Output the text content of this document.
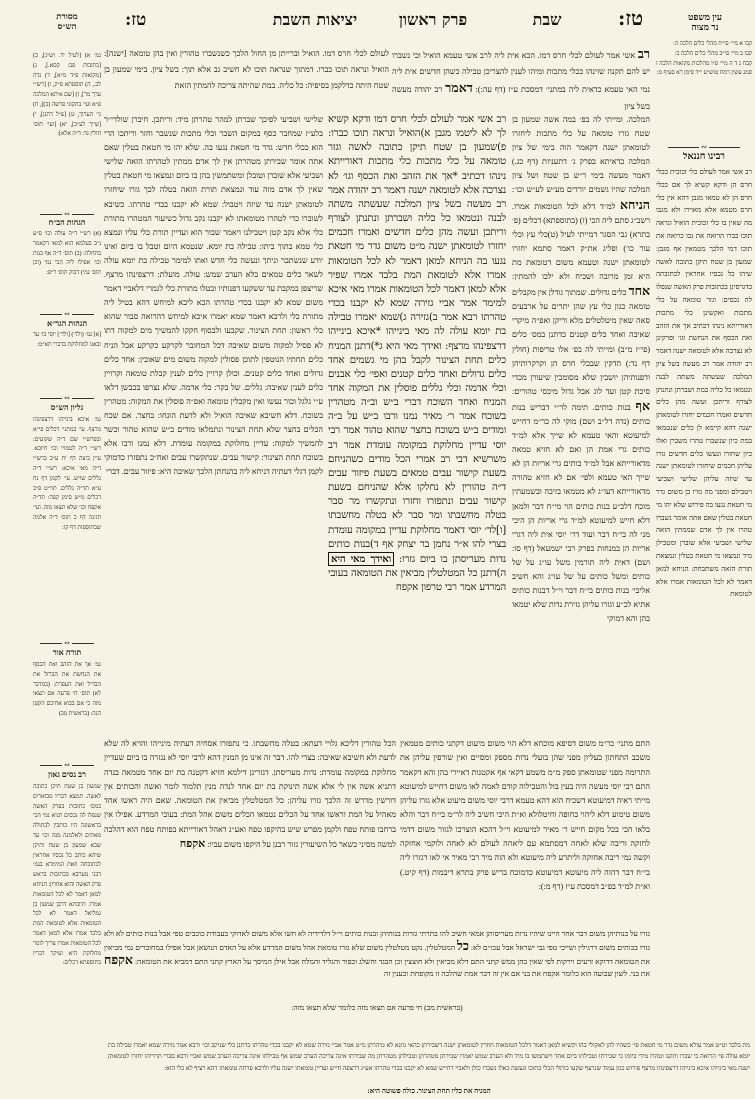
טז:	יציאות השבת	פרק ראשון	שבת	טז:	עין משפט
נר מצוה
קבו א מיי׳ פי״ח מהל׳ כלים הלכה ה:
קבז ב מיי׳ פי״ב מהל׳ כלים הלכה ב:
קבח ג ד ה מיי׳ פ״ו מהלכות מקואות הלכה ו סמג עשין רמח טוש״ע י״ד סימן רא סעיף מ:
∾
רבינו חננאל
רב אשי אמר לעולם כלי זכוכית ככלי חרס הן ודקא קשיא לך אם ככלי חרס הן לא טמאו מגבן דהא אין כלי חרס מטמא אלא מאוירו ולא מגבו מה שאין בו כלי זכוכית הואיל ונראה תוכו כברו הרואה את גבו כרואה את תוכו דמי הלכך מטמאין אף מגבן: שמעון בן שטח תיקן כתובה לאשה שיהו כל נכסיו אחראין לכתובתה כדגרסינן בכתובות פרק האשה שנפלו לה נכסים: וגזר טומאה על כלי מתכות ואקשינן כלי מתכות דאורייתא נינהו דכתיב אך את הזהב ואת הכסף את הנחשת וגו׳ ופרקינן לא נצרכה אלא לטומאה ישנה דאמר רב יהודה אמר רב מעשה בשל ציון המלכה שעשתה משתה לבנה ונטמאו כל כליה במת ושברתן ונתנתן לצורף וריתכן ועשה מהן כלים חדשים ואמרו חכמים יחזרו לטומאתן ישנה דהא קיימא לן כלים שנטמאו במת כיון שנשברו טהרו משברן ואלו כיון שחזרו ונעשו כלים חדשים גזרו עליהן חכמים שיחזרו לטומאתן ישנה עד שיזה עליהן שלישי ושביעי ויטבילם ומפני מה גזרו כן משום גדר מי חטאת נגעו בה פירוש שלא יהו מי חטאת בטלין שאם אתה אומר נשברו טהרו אין לך אדם שממתין הזאה שלישי ושביעי אלא שוברן ומטבילן מיד ונמצאו מי חטאת בטלין ונמצאת תורת הזאה משתכחת: הניחא למאן דאמר לא לכל הטומאות אמרו אלא לטומאת
מסורת
הש״ס
גמ׳ א) [לעיל יד. וש״נ], ב) [כתובות פב: קסא.], ג) [מקואות פ״ד מ״א], ד) נדה לב., ה) תוספתא פ״ק, ו) [רש״י ערך מר], ז) [שם איתא המלכה פ״א ועי׳ בתקוני פרשה (ב)], ח) גי׳ הערוך, ט) [צ״ל דתנן], י) [שייך לע״ב], יא) [ועי׳ תוס׳ חולין נד: ד״ה אלא]:
∾
הגהות הב״ח
(א) רש״י ד״ה עולה וכו׳ פ״ע נ״ב בעלמא הוא למאי דקאמר בתחלה: (ב) תוס׳ ד״ה אף בנות וכו׳ אפילו ליה הכי נמי (וכן תוס׳ נמי) דבוק תוס׳ ר״פ:
∾
הגהות הגר״א
[א] גמ׳ (ולד׳) [ולר׳] יוסי כו׳ עד ובאנו למחלוקת בדברי תא״מ:
∾
גליון הש״ס
גמ׳ איכא בינייהו דרצפינהו מרצף. עי׳ במתני׳ דכלים פי״א ובפרש״י שם ד״ה שקועים: רש״י ד״ה לטמויי וכו׳ חיובא. עיין ביצה דף יח ע״ב ברש״י ד״ה מאי איכא: רש״י ד״ה גללים שויש. עי׳ לקמן דף נח ע״א תד״ה גללים. תוי״ט פ״ב דכלים מ״ש סימן קפה: תד״ה אקפח וכו׳ שלא תצאו מזה. ועי׳ חגיגה דף כ תוס׳ ד״ה אלמה שבתוספות דף קו:
∾
תורה אור
גמ׳ אך את הזהב ואת הכסף את הנחשת את הברזל את הבדיל ואת העפרת: (במדבר לא) תוס׳ חי פרעה אם תצאו מזה כי אם בבוא אחיכם הקטן הנה: (בראשית מב)
∾
רב נסים גאון
שמעון בן שטח תיקן כתובה לאשה. תמצא דבריו מבוארים במס׳ כתובות בפרק האשה שנפלו לה נכסים תניא נמי הכי בראשונה היו כותבין לבתולה מאתים ולאלמנה מנה וכו׳ עד שבא שמעון בן שטח ותיקן שיהא כותב כל נכסיו אחראין לכתובתה וזאת המימרא בגמ׳ דבני מערבא בכתובות בראש פרק האשה והוא אחרון: הניחא למאן דאמר לא לכל הטומאות אמרו. תיובתא דרבן שמעון בן גמליאל דאמר לא לכל הטומאות אלא לטומאת המת בלבד אמרו אלא למאן דאמר לכל הטומאות אמרו צריך לומר מחלוקת היא ועיקר דבריו בתוספתא דכלים:
לעולם לכלי חרס דמו. הואיל וברייתן מן החול הלכך כשנשברו טהורין ואין בהן טומאה [ישנה]: הואיל ונראה תוכו כברו. דמתוך שנראה תוכו לא חשיב גב אלא תוך: בשל ציון. בימי שמעון בן שטח היתה כדלקמן בסיפיה: כל כליה. במת שהיתה צריכה להמתין הזאת
שלישי ושביעי לפיכך שברתן למהר טהרתן מיד: וריתכן. חיברן שולדי״ר בלע״ז שמחבר כסף במקום השבר וכלי מתכות שנשבר וחזר וריתכו הרי הוא ככלי חדש: גדר מי חטאת נגעו בה. שלא יהו מי חטאת בטלין שאם אתה אומר שבירתן מטהרתן אין לך אדם ממתין לטהרתו הזאה שלישי ושביעי אלא שוברן וטובלן ומשתמשין בהן בו ביום ונמצאו מי חטאת בטלין שאין לך אדם מזה עוד ונמצאת תורת הזאה בטלה לכך גזרו שיחזרו לטומאתן ישנה עד שיזה ויטבול: שמא לא יקבנו בכדי טהרתו. כשיבא לשוברו כדי לטהרו מטומאתו לא יקבנו נקב גדול כשיעור המטהרו מתורת כלי אלא נקב קטן ויטבילנו ויאמר שבור הוא ועדיין תורת כלי עליו ונמצא כלי טמא בתוך ביתו: טבילה בת יומא. שנטמא היום וטבל בו ביום ואינו יודע שנשתבר וניתך ונעשה כלי חדש ואתו למימר טבילה בת יומא עולה לשאר כלים טמאים בלא הערב שמש: עולה. מועלת: דרצפינהו מרצף. שריצפן במקבת עד ששקעו דפנותיו ובטלו מתורת כלי לגמרי דלאביי דאמר משום שמא לא יקבנו בכדי טהרתו הכא ליכא למיחש דהא בטיל ליה מתורת כלי ולרבא דאמר שמא יאמרו איכא למיחש דהרואה סבור שהוא כלי ראשון: תחת הצינור. שקבעו ולבסוף חקקו להמשיך מים למקוה דתו לא פסיל למקוה משום שאיבה דכל המחובר לקרקע כקרקע אבל הניח כלים תחתיו הנוטפין לתוכן פסולין למקוה משום מים שאובין: אחד כלים גדולים ואחד כלים קטנים. וכולן קרויין כלים לענין קבלת טומאה וקרויין כלים לענין שאיבה: גללים. של בקר: כלי אדמה. שלא נצרפו בכבשן דלאו ע״י גלגל וכור נעשו ואין מקבלין טומאה ואפ״ה פוסלין את המקוה: מטהרין בשוכח. דלא חשיבא שאיבה הואיל ולא לדעת הונחו: בחצר. אם שכח הכלים בחצר שלא תחת הצינור ונתמלאו מודים ב״ש שהוא טהור וכשר להמשיך למקוה: עדיין מחלוקת במקומה עומדת. דלא נמנו ורבו אלא בשוכח תחת הצינור: קישור עבים. שנתקשרו עבים ואח״כ נתפזרו כדמוקי לקמן דגלי דעתיה דניחא ליה בהנחתן הלכך שאיבה היא: פיזור עבים. דברי
הכל טהורין דליכא גלויי דעתא: בטלה מחשבתו. כי נתפזרו אסחיה דעתיה מינייהו והויא לה שלא לדעת ולא חשיבא שאיבה: בצרי להו. דבר זה אינו מן המנין דהא לרבי יוסי לא נגזרה בו ביום שעדיין מחלוקת במקומה עומדת: נדות מעריסתן. דגזרינן דילמא חזיא דקטנה בת יום אחד מטמאה בנדה דתניא אשה אין לי אלא אשה תינוקת בת יום אחד לנדה מנין תלמוד לומר ואשה והכותים אין דורשין מדרש זה הלכך גזרו עליהן: כל המטלטלין מביאין את הטומאה. שאם היה ראשו אחד מאהיל על המת וראשו אחד על הכלים נטמאו הכלים משום אהל המת: בעובי המרדע. אפילו אין ברחבו פותח טפח ולקמן מפרש שיש בהיקפו טפח ואע״ג דאהל דאורייתא בפותח טפח הוא דהלכה למשה מסיני כשאר כל השיעורין גזור רבנן על היקפו משום עביו: אקפח
רב אשי אמר לעולם לכלי חרס דמו ודקא קשיא לך לא ליטמו מגבן א)הואיל ונראה תוכו כברו: פ)שמעון בן שטח תיקן כתובה לאשה וגזר טומאה על כלי מתכות כלי מתכות דאורייתא נינהו דכתיב *אך את הזהב ואת הכסף וגו׳ לא נצרכה אלא לטומאה ישנה דאמר רב יהודה אמר רב מעשה בשל ציון המלכה שעשתה משתה לבנה ונטמאו כל כליה ושברתן ונתנתן לצורף וריתכן ועשה מהן כלים חדשים ואמרו חכמים יחזרו לטומאתן ישנה מ״ט משום גדר מי חטאת נגעו בה הניחא למאן דאמר לא לכל הטומאות אמרו אלא לטומאת המת בלבד אמרו שפיר אלא למאן דאמר לכל הטומאות אמרו מאי איכא למימר אמר אביי גזירה שמא לא יקבנו בכדי טהרתו רבא אמר ב)גזירה ג)שמא יאמרו טבילה בת יומא עולה לה מאי בינייהו *איכא בינייהו דרצפינהו מרצף: ואידך מאי היא ג*)דתנן המניח כלים תחת הצינור לקבל בהן מי גשמים אחד כלים גדולים ואחד כלים קטנים ואפי׳ כלי אבנים וכלי אדמה וכלי גללים פוסלין את המקוה אחד המניח ואחד השוכח דברי ב״ש וב״ה מטהרין בשוכח אמר ר׳ מאיר נמנו ורבו ב״ש על ב״ה ומודים ב״ש בשוכח בחצר שהוא טהור אמר רבי יוסי עדיין מחלוקת במקומה עומדת אמר רב משרשיא דבי רב אמרי הכל מודים כשהניחם בשעת קישור עבים טמאים בשעת פיזור עבים ד״ה טהורין לא נחלקו אלא שהניחם בשעת קישור עבים ונתפזרו וחזרו ונתקשרו מר סבר בטלה מחשבתו ומר סבר לא בטלה מחשבתו [ו]לד׳ יוסי דאמר מחלוקת עדיין במקומה עומדת בצרי להו א״ר נחמן בר יצחק אף ד)בנות כותים נדות מעריסתן בו ביום גזרו: ואידך מאי היא ה)דתנן כל המטלטלין מביאין את הטומאה בעובי המרדע אמר רבי טרפון אקפח
רב אשי אמר לעולם לכלי חרס דמו. הכא אית ליה לרב אשי טעמא הואיל וכי נשברו יש להם תקנה שוינהו ככלי מתכות ומיהו לענין להצריכן טבילה כשהן חדשים אית ליה נמי האי טעמא כדאית ליה במתני׳ דמסכת ע״ז (דף עה:): דאמר רב יהודה מעשה בשל ציון
המלכה. ומייתי לה בפ׳ במה אשה שמעון בן שטח גזרו טומאה על כלי מתכות ליחזרו לטומאתן ישנה דקאמר הוה בימי של ציון המלכה כדאיתא בפרק ג׳ דתעניות (דף כג.) דאמר מעשה בימי ר״ש בן שטח ושל ציון המלכה שהיו גשמים יורדים מע״ש לע״ש וכו׳: הניחא למ״ד דלא לכל הטומאות אמרו. רשב״ג סתם ליה הכי (ז) (בתוספתא) דכלים (פ׳ בתרא) גבי הסגר דמייתי לעיל (ט)כלי עץ וכלי עור כו׳) ופליג את״ק דאמר סתמא יחזרו לטומאתן ישנה וטעמא משום דטומאת מת היא זמן מרובה ושכיח ולא ילכו להמתין: אחד כלים גדולים. שמתוך גודלן אין מקבלים טומאה כגון כלי עץ שהן יתרים על ארבעים סאה שאין מיטלטלים מלא וריקן ואפ״ה מיקרי שאיבה ואחד כלים קטנים כדתנן במס׳ כלים (פי״ז מ״ב) ומייתי לה בפ׳ אלו טריפות (חולין דף נד:) הדקין שבכלי חרס הן וקרקרותיהן ודפנותיהן יושבין שלא מסומכין שיעורן מכדי סיכת קטן ועד לוג אבל גדול מיכסי טהורים: אף בנות כותים. תימה לר״י דבריש בנות כותים (נדה דל״ב ושם) מוקי לה כר״מ דחייש למיעוטא והאי טעמא לא שייך אלא למ״ד כותים גרי אמת הן ואם לא חזיא טמאה מדאורייתא אבל למ״ד כותים גרי אריות הן לא שייך האי טעמא ולפי׳ אם לא חזיא טהורה מדאורייתא דעו״ג לא מטמאו בזיבה ובשמעתין מוכח דלכ״ע בנות כותים הוי מי״ח דבר ולמאן דלא חייש למיעוטא למ״ד גרי אריות הן היכי מני לה בי״ח דבר ועוד דר׳ יוסי אית ליה דגרי אריות הן במנחות בפרק רבי ישמעאל (דף סו: ושם) דאית ליה תורמין משל עו״ג על של כותים ומשל כותים על של עו״ג והא חשיב אליבי׳ בנות כותים בי״ח דבר וי״ל דבנות כותים אתיא לכ״ע וגזרו עליהן גזירת נדות שלא יטמאו בהן והא דמוקי
התם מתני׳ כר״מ משום דסיפא מוכחא דלא הוי משום מיעוט דקתני כותים מטמאין משכב התחתון כעליון מפני שהן בועלי נדות מספק ומסיים ואין שורפין עליהן את התרומה מפני שטומאתן ספק מ״מ משמע דקאי אף אקטנות דאיירי בהן והא דקאמר התם רבי יוסי מעשה היה בעין בול והטבילוה קודם לאמה לאו משום דחייש למיעוטא מייתי ראיה דמיעוטא דשכיח הוא דהא טעמא דרבי יוסי משום מיעוט אלא גזרו עליהן משום טימוע דלא ליהוי כחופה וחיטלולא וא״ת היכי חשיב ליה לר״מ בי״ח דבר והלא בלאו הכי בכל מקום חייש ר׳ מאיר למיעוטא וי״ל דהכא הוצרכו לגזור משום דדמי לחזקה וריבה שלא לאחה דמסתמא עם ליאחה לעולם לא לאחה ולוקמי אחזקה וקשה נמי ריבה אחזקה וליתרע ליה מיעוטא ולא הוה מיד רבי מאיר אי לאו דגזרו ליה בי״ח דבר דהוה ליה מיעוטא דמיעוטא כדמוכח בריש פרק בתרא דיבמות (דף קיט.) וא״ת למ״ד בפ״ב דמסכת ע״ז (דף מ:):
גזרו על בנותיהן משום דבר אחר היינו שיהיו נדות מעריסותן אמאי חשיב להו בתרתי גזרות בנותיהן ובנות כותים וי״ל דלדידיה לא חשו אלא משום לאדוקי בעבודת כוכבים טפי אבל בנות כותים לא ולא גזרו בכותים משום דרגילין ושייכי טפי גבי ישראל אבל עכו״ם לא: כל המטלטלין. נקט מטלטלין משום שלא גזרו טומאת אהל משום המרדע אלא על האדם הנושאן אבל אפילו במחוברים נמי מביאין את הטומאה דדוקא זרעים וירקות לפי שאין בהן ממש קתני התם דלא מביאין ולא חוצצין וכן הבגד והשלג וכפור והגליד והמלח אבל אילן המיסך על הארץ קתני התם דמביא את הטומאה: אקפח את בני. לשון שבועה הוא כלומר אקפח את בני אם אין זה דבר אמת שהלכה זו מקופחת וכענין זה
(בראשית מב) חי פרעה אם תצאו מזה כלומר שלא תצאו מזה:
מת בלבד וט״ט אמר עולא משום גדר מי חטאת פי׳ כשהיו להן לאקולי בהו וקשיא למאן דאמר דלכל הטומאות חוזרין לטומאתן ישנה דשבירתן כהאי גוונא לא טיהרתן מ״ט אמר אביי גזירה שמא לא יקבנו בכדי טהרתו כדתנן כלי שניקב וכו׳ ורבא אמר גזירה שמא יאמרו טבילה בת יומא עולה פי׳ הרואה כי שברו ותקנו וטהרו מידי ביומו כי שבירתו וטבילתו ביום אחד וישתמשו בו מיד ולא הערב שמש יאמרו שבירתן מטהרתן וטבילתן מטהרתן מה שבירתו אינה צריכה הערב שמש אף טבילתו אינה צריכה הערב שמש ואביי ורבא סברי תרוייהו יחזרו לטומאתן ישנה מאי בינייהו איכא בינייהו דרצפינהו מרצף פירוש כגון עמוד שנרצף שקעו כותלי הכלי בתוכו ונעשה כאלו נשברו כולן ולאביי דחייש שמא לא יקבנו בכדי טהרתו אע״ג דרצפה חייש ועדיין טומאתו ישנה עליו ולרבא פרחה טומאתו דהא רציף לא כלי הוא:
המניח את כליו תחת הצינור. כולה פשוטה היא:
